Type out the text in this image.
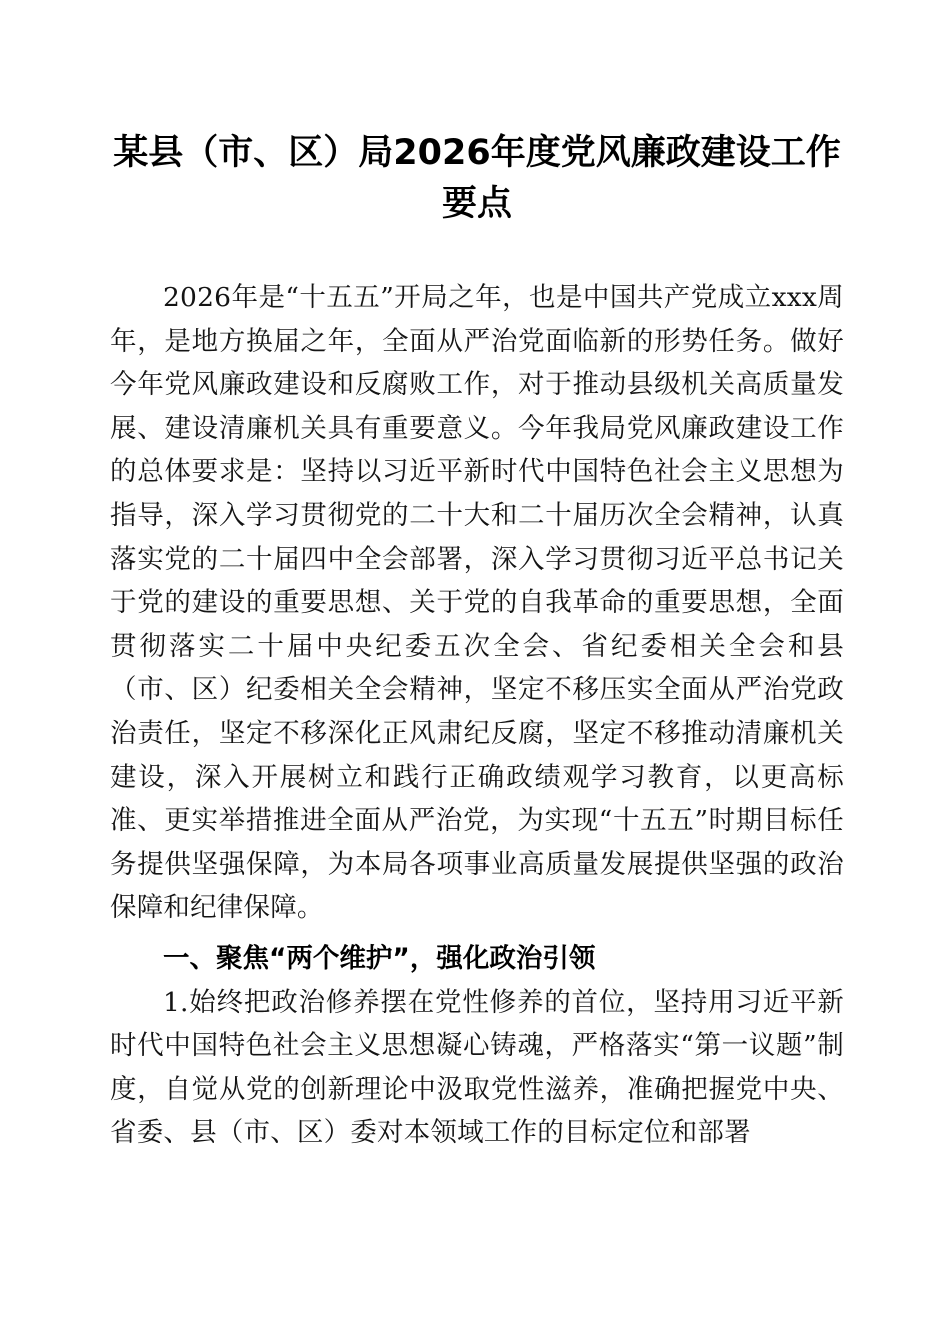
某县（市、区）局2026年度党风廉政建设工作要点

2026年是“十五五”开局之年，也是中国共产党成立xxx周年，是地方换届之年，全面从严治党面临新的形势任务。做好今年党风廉政建设和反腐败工作，对于推动县级机关高质量发展、建设清廉机关具有重要意义。今年我局党风廉政建设工作的总体要求是：坚持以习近平新时代中国特色社会主义思想为指导，深入学习贯彻党的二十大和二十届历次全会精神，认真落实党的二十届四中全会部署，深入学习贯彻习近平总书记关于党的建设的重要思想、关于党的自我革命的重要思想，全面贯彻落实二十届中央纪委五次全会、省纪委相关全会和县（市、区）纪委相关全会精神，坚定不移压实全面从严治党政治责任，坚定不移深化正风肃纪反腐，坚定不移推动清廉机关建设，深入开展树立和践行正确政绩观学习教育，以更高标准、更实举措推进全面从严治党，为实现“十五五”时期目标任务提供坚强保障，为本局各项事业高质量发展提供坚强的政治保障和纪律保障。

一、聚焦“两个维护”，强化政治引领

1.始终把政治修养摆在党性修养的首位，坚持用习近平新时代中国特色社会主义思想凝心铸魂，严格落实“第一议题”制度，自觉从党的创新理论中汲取党性滋养，准确把握党中央、省委、县（市、区）委对本领域工作的目标定位和部署
